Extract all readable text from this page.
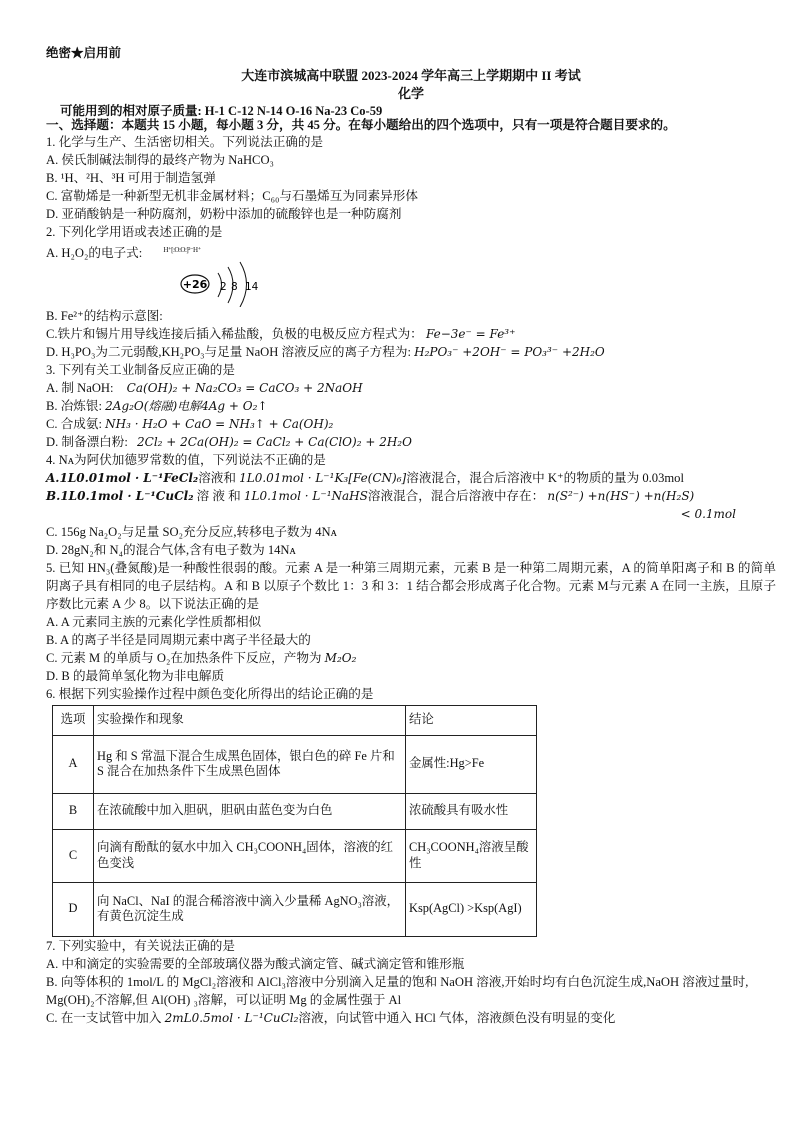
绝密★启用前
大连市滨城高中联盟 2023-2024 学年高三上学期期中 II 考试
化学
可能用到的相对原子质量: H-1 C-12 N-14 O-16 Na-23 Co-59
一、选择题：本题共 15 小题，每小题 3 分，共 45 分。在每小题给出的四个选项中，只有一项是符合题目要求的。
1. 化学与生产、生活密切相关。下列说法正确的是
A. 侯氏制碱法制得的最终产物为 NaHCO₃
B. ¹H、²H、³H 可用于制造氢弹
C. 富勒烯是一种新型无机非金属材料；C₆₀与石墨烯互为同素异形体
D. 亚硝酸钠是一种防腐剂，奶粉中添加的硫酸锌也是一种防腐剂
2. 下列化学用语或表述正确的是
A. H₂O₂的电子式:	$^{H^+[:O:O:]^{2-}H^+}$
+26 2 8 14
B. Fe²⁺的结构示意图:
C.铁片和锡片用导线连接后插入稀盐酸，负极的电极反应方程式为： Fe−3e⁻ = Fe³⁺
D. H₃PO₃为二元弱酸,KH₂PO₃与足量 NaOH 溶液反应的离子方程为: H₂PO₃⁻ +2OH⁻ = PO₃³⁻ +2H₂O
3. 下列有关工业制备反应正确的是
A. 制 NaOH: Ca(OH)₂ + Na₂CO₃ = CaCO₃ + 2NaOH
B. 冶炼银: 2Ag₂O(熔融)电解4Ag + O₂↑
C. 合成氨: NH₃ · H₂O + CaO = NH₃↑ + Ca(OH)₂
D. 制备漂白粉: 2Cl₂ + 2Ca(OH)₂ = CaCl₂ + Ca(ClO)₂ + 2H₂O
4. Nᴀ为阿伏加德罗常数的值，下列说法不正确的是
A.1L0.01mol · L⁻¹FeCl₂溶液和 1L0.01mol · L⁻¹K₃[Fe(CN)₆]溶液混合，混合后溶液中 K⁺的物质的量为 0.03mol
B.1L0.1mol · L⁻¹CuCl₂ 溶 液 和 1L0.1mol · L⁻¹NaHS溶液混合，混合后溶液中存在： n(S²⁻) +n(HS⁻) +n(H₂S)
< 0.1mol
C. 156g Na₂O₂与足量 SO₂充分反应,转移电子数为 4Nᴀ
D. 28gN₂和 N₄的混合气体,含有电子数为 14Nᴀ
5. 已知 HN₃(叠氮酸)是一种酸性很弱的酸。元素 A 是一种第三周期元素，元素 B 是一种第二周期元素，A 的简单阳离子和 B 的简单阴离子具有相同的电子层结构。A 和 B 以原子个数比 1：3 和 3：1 结合都会形成离子化合物。元素 M与元素 A 在同一主族，且原子序数比元素 A 少 8。以下说法正确的是
A. A 元素同主族的元素化学性质都相似
B. A 的离子半径是同周期元素中离子半径最大的
C. 元素 M 的单质与 O₂在加热条件下反应，产物为 M₂O₂
D. B 的最简单氢化物为非电解质
6. 根据下列实验操作过程中颜色变化所得出的结论正确的是
选项	实验操作和现象	结论
A	Hg 和 S 常温下混合生成黑色固体，银白色的碎 Fe 片和 S 混合在加热条件下生成黑色固体	金属性:Hg>Fe
B	在浓硫酸中加入胆矾，胆矾由蓝色变为白色	浓硫酸具有吸水性
C	向滴有酚酞的氨水中加入 CH₃COONH₄固体，溶液的红色变浅	CH₃COONH₄溶液呈酸性
D	向 NaCl、NaI 的混合稀溶液中滴入少量稀 AgNO₃溶液，有黄色沉淀生成	Ksp(AgCl) >Ksp(AgI)
7. 下列实验中，有关说法正确的是
A. 中和滴定的实验需要的全部玻璃仪器为酸式滴定管、碱式滴定管和锥形瓶
B. 向等体积的 1mol/L 的 MgCl₂溶液和 AlCl₃溶液中分别滴入足量的饱和 NaOH 溶液,开始时均有白色沉淀生成,NaOH 溶液过量时, Mg(OH)₂不溶解,但 Al(OH) ₃溶解，可以证明 Mg 的金属性强于 Al
C. 在一支试管中加入 2mL0.5mol · L⁻¹CuCl₂溶液，向试管中通入 HCl 气体，溶液颜色没有明显的变化
